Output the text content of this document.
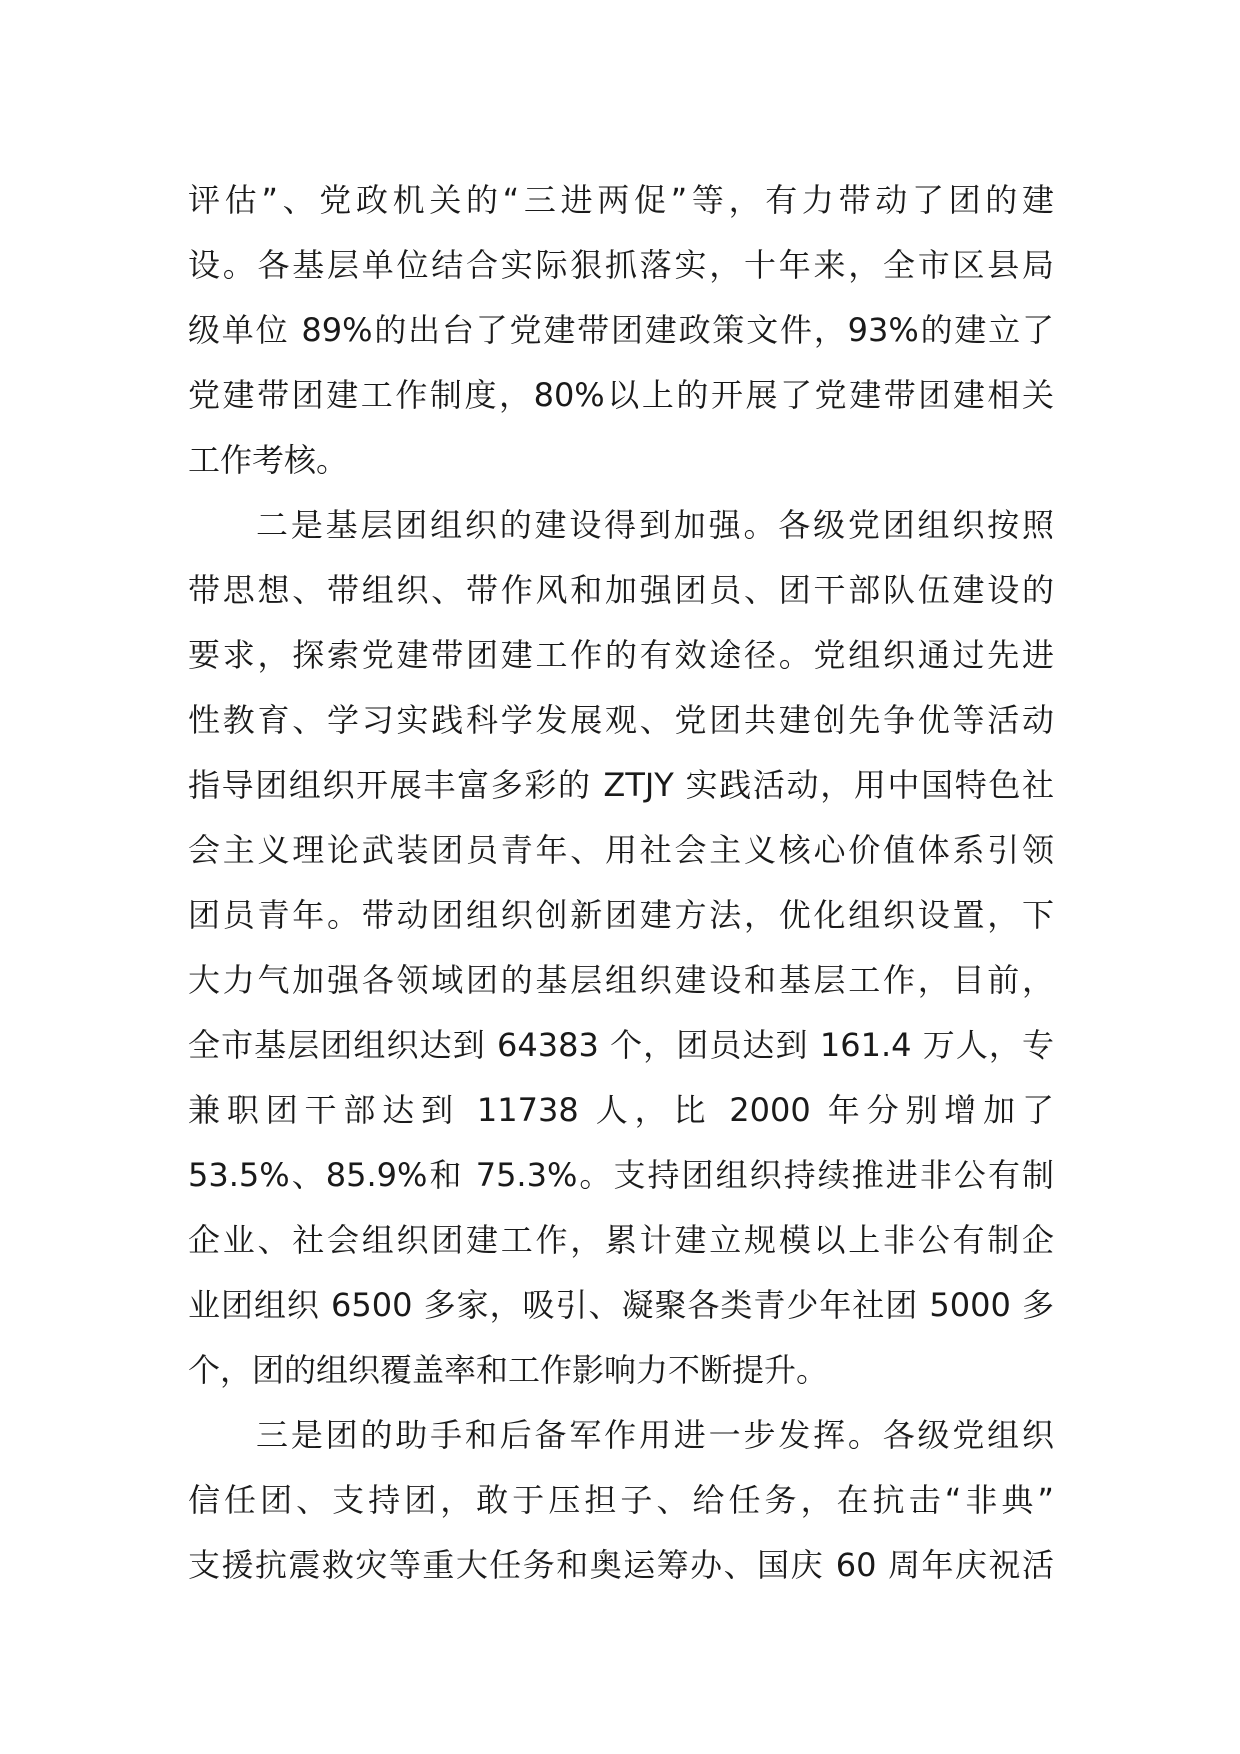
评估”、党政机关的“三进两促”等，有力带动了团的建
设。各基层单位结合实际狠抓落实，十年来，全市区县局
级单位 89%的出台了党建带团建政策文件，93%的建立了
党建带团建工作制度，80%以上的开展了党建带团建相关
工作考核。
二是基层团组织的建设得到加强。各级党团组织按照
带思想、带组织、带作风和加强团员、团干部队伍建设的
要求，探索党建带团建工作的有效途径。党组织通过先进
性教育、学习实践科学发展观、党团共建创先争优等活动
指导团组织开展丰富多彩的 ZTJY 实践活动，用中国特色社
会主义理论武装团员青年、用社会主义核心价值体系引领
团员青年。带动团组织创新团建方法，优化组织设置，下
大力气加强各领域团的基层组织建设和基层工作，目前，
全市基层团组织达到 64383 个，团员达到 161.4 万人，专
兼职团干部达到 11738 人，比 2000 年分别增加了
53.5%、85.9%和 75.3%。支持团组织持续推进非公有制
企业、社会组织团建工作，累计建立规模以上非公有制企
业团组织 6500 多家，吸引、凝聚各类青少年社团 5000 多
个，团的组织覆盖率和工作影响力不断提升。
三是团的助手和后备军作用进一步发挥。各级党组织
信任团、支持团，敢于压担子、给任务，在抗击“非典”
支援抗震救灾等重大任务和奥运筹办、国庆 60 周年庆祝活
